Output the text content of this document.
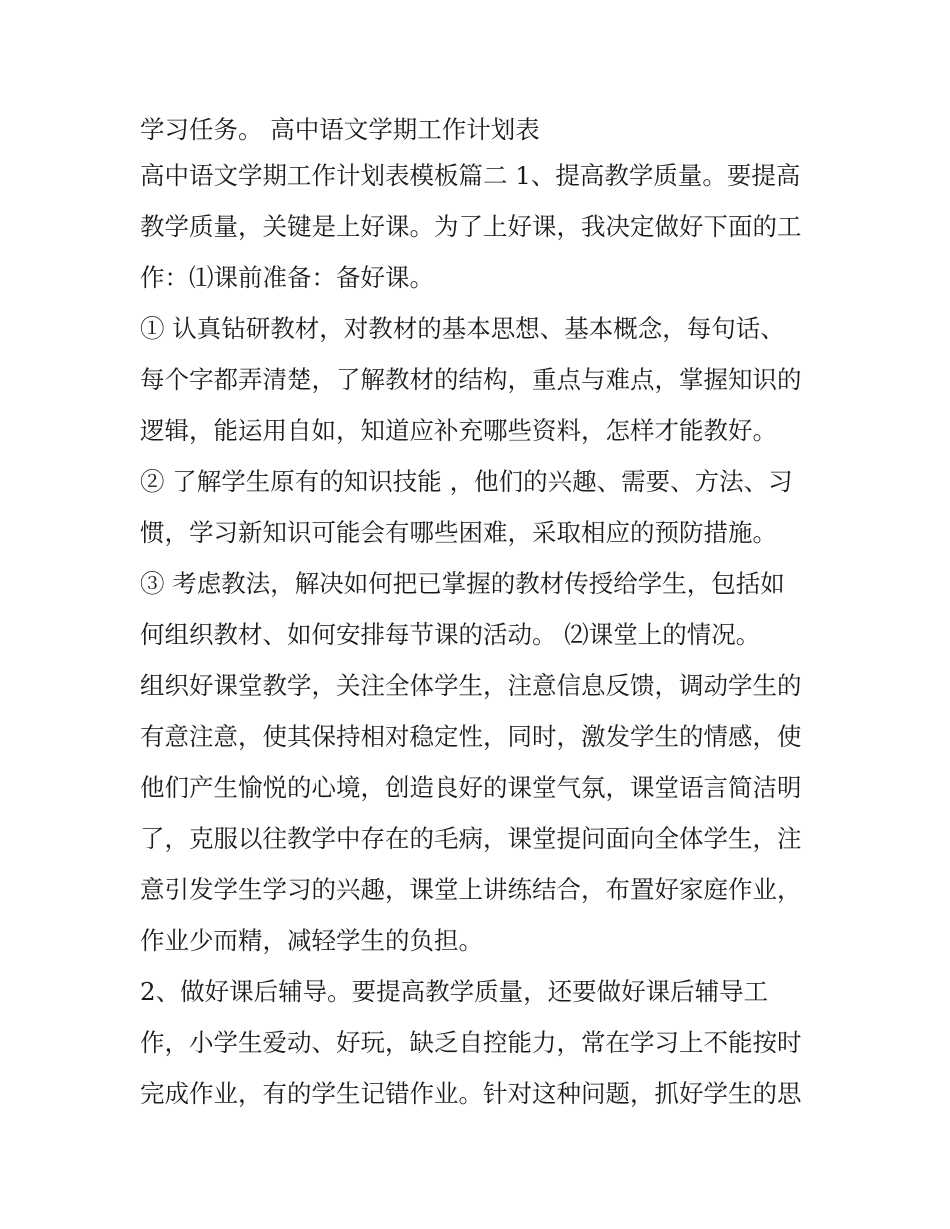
学习任务。 高中语文学期工作计划表
高中语文学期工作计划表模板篇二 1、提高教学质量。要提高
教学质量，关键是上好课。为了上好课，我决定做好下面的工
作：⑴课前准备：备好课。
① 认真钻研教材，对教材的基本思想、基本概念，每句话、
每个字都弄清楚，了解教材的结构，重点与难点，掌握知识的
逻辑，能运用自如，知道应补充哪些资料，怎样才能教好。
② 了解学生原有的知识技能 ，他们的兴趣、需要、方法、习
惯，学习新知识可能会有哪些困难，采取相应的预防措施。
③ 考虑教法，解决如何把已掌握的教材传授给学生，包括如
何组织教材、如何安排每节课的活动。 ⑵课堂上的情况。
组织好课堂教学，关注全体学生，注意信息反馈，调动学生的
有意注意，使其保持相对稳定性，同时，激发学生的情感，使
他们产生愉悦的心境，创造良好的课堂气氛，课堂语言简洁明
了，克服以往教学中存在的毛病，课堂提问面向全体学生，注
意引发学生学习的兴趣，课堂上讲练结合，布置好家庭作业，
作业少而精，减轻学生的负担。
2、做好课后辅导。要提高教学质量，还要做好课后辅导工
作，小学生爱动、好玩，缺乏自控能力，常在学习上不能按时
完成作业，有的学生记错作业。针对这种问题，抓好学生的思
